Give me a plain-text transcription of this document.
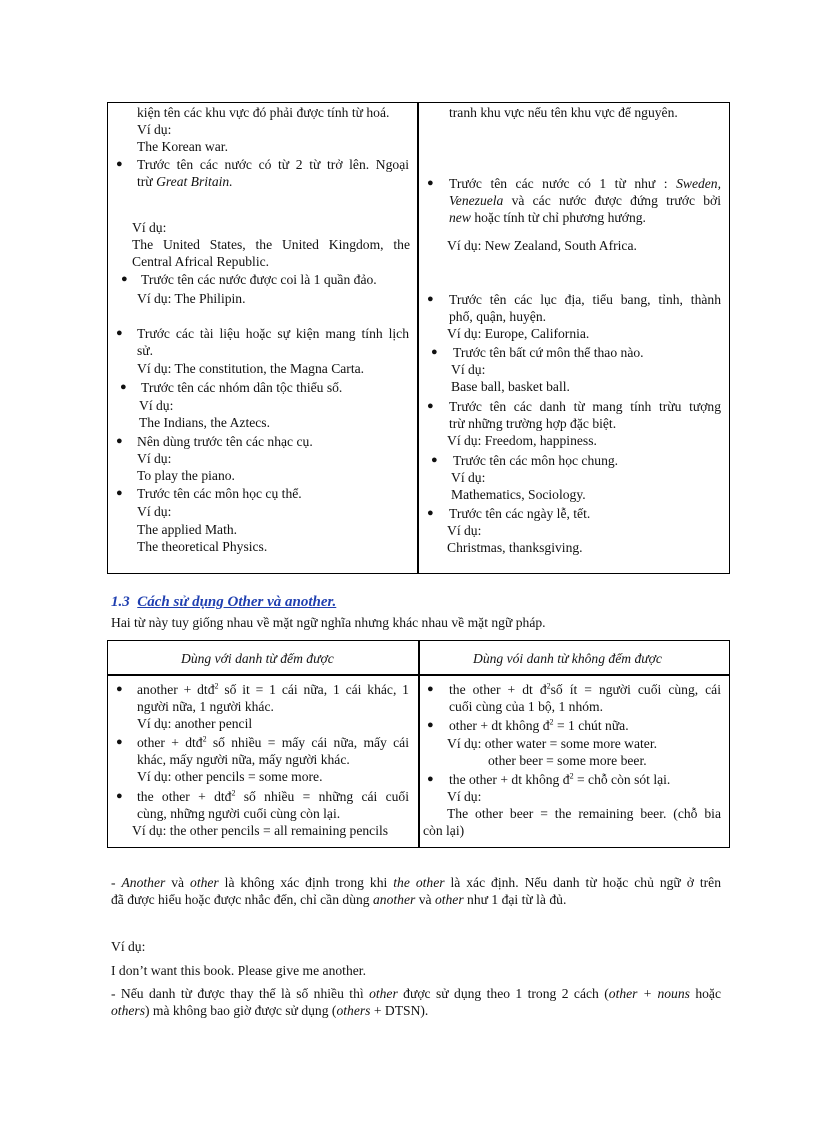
kiện tên các khu vực đó phải được tính từ hoá.
Ví dụ:
The Korean war.
● Trước tên các nước có từ 2 từ trở lên. Ngoại
trừ Great Britain.
Ví dụ:
The United States, the United Kingdom, the
Central Africal Republic.
● Trước tên các nước được coi là 1 quần đảo.
Ví dụ: The Philipin.
● Trước các tài liệu hoặc sự kiện mang tính lịch
sử.
Ví dụ: The constitution, the Magna Carta.
● Trước tên các nhóm dân tộc thiểu số.
Ví dụ:
The Indians, the Aztecs.
● Nên dùng trước tên các nhạc cụ.
Ví dụ:
To play the piano.
● Trước tên các môn học cụ thể.
Ví dụ:
The applied Math.
The theoretical Physics.
tranh khu vực nếu tên khu vực để nguyên.
● Trước tên các nước có 1 từ như : Sweden,
Venezuela và các nước được đứng trước bởi
new hoặc tính từ chỉ phương hướng.
Ví dụ: New Zealand, South Africa.
● Trước tên các lục địa, tiểu bang, tỉnh, thành
phố, quận, huyện.
Ví dụ: Europe, California.
● Trước tên bất cứ môn thể thao nào.
Ví dụ:
Base ball, basket ball.
● Trước tên các danh từ mang tính trừu tượng
trừ những trường hợp đặc biệt.
Ví dụ: Freedom, happiness.
● Trước tên các môn học chung.
Ví dụ:
Mathematics, Sociology.
● Trước tên các ngày lễ, tết.
Ví dụ:
Christmas, thanksgiving.
1.3 Cách sử dụng Other và another.
Hai từ này tuy giống nhau về mặt ngữ nghĩa nhưng khác nhau về mặt ngữ pháp.
Dùng với danh từ đếm được	Dùng vói danh từ không đếm được
● another + dtđ$^2$ số it = 1 cái nữa, 1 cái khác, 1
người nữa, 1 người khác.
Ví dụ: another pencil
● other + dtđ$^2$ số nhiều = mấy cái nữa, mấy cái
khác, mấy người nữa, mấy người khác.
Ví dụ: other pencils = some more.
● the other + dtđ$^2$ số nhiều = những cái cuối
cùng, những người cuối cùng còn lại.
Ví dụ: the other pencils = all remaining pencils
● the other + dt $đ^2số$ ít = người cuối cùng, cái
cuối cùng của 1 bộ, 1 nhóm.
● other + dt không $đ^2 = 1$ chút nữa.
Ví dụ: other water = some more water.
other beer = some more beer.
● the other + dt không $đ^2$ = chỗ còn sót lại.
Ví dụ:
The other beer = the remaining beer. (chỗ bia
còn lại)
- Another và other là không xác định trong khi the other là xác định. Nếu danh từ hoặc chủ ngữ ở trên
đã được hiểu hoặc được nhắc đến, chỉ cần dùng another và other như 1 đại từ là đủ.
Ví dụ:
I don’t want this book. Please give me another.
- Nếu danh từ được thay thế là số nhiều thì other được sử dụng theo 1 trong 2 cách (other + nouns hoặc
others) mà không bao giờ được sử dụng (others + DTSN).
